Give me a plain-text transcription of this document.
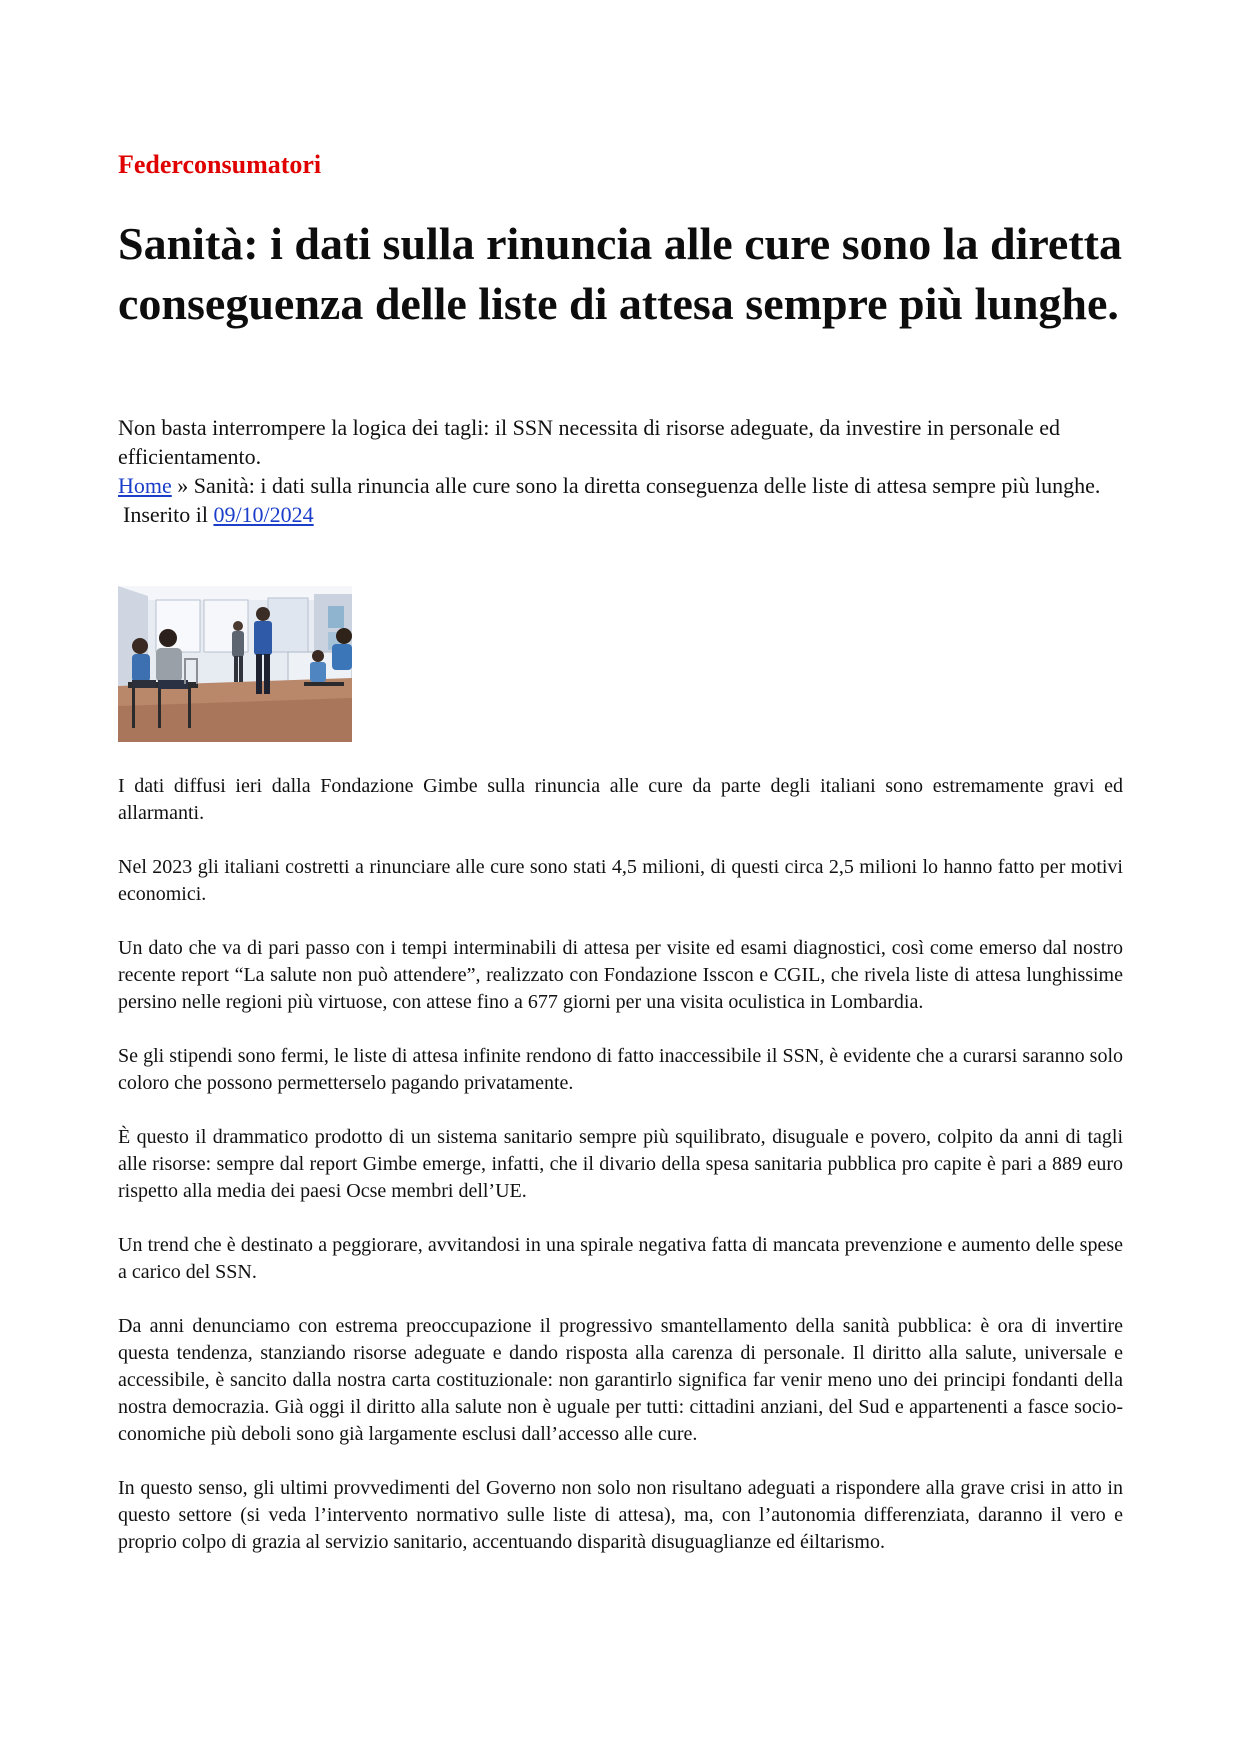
Federconsumatori
Sanità: i dati sulla rinuncia alle cure sono la diretta conseguenza delle liste di attesa sempre più lunghe.

Non basta interrompere la logica dei tagli: il SSN necessita di risorse adeguate, da investire in personale ed efficientamento.

Home » Sanità: i dati sulla rinuncia alle cure sono la diretta conseguenza delle liste di attesa sempre più lunghe.

Inserito il 09/10/2024

I dati diffusi ieri dalla Fondazione Gimbe sulla rinuncia alle cure da parte degli italiani sono estremamente gravi ed allarmanti.

Nel 2023 gli italiani costretti a rinunciare alle cure sono stati 4,5 milioni, di questi circa 2,5 milioni lo hanno fatto per motivi economici.

Un dato che va di pari passo con i tempi interminabili di attesa per visite ed esami diagnostici, così come emerso dal nostro recente report “La salute non può attendere”, realizzato con Fondazione Isscon e CGIL, che rivela liste di attesa lunghissime persino nelle regioni più virtuose, con attese fino a 677 giorni per una visita oculistica in Lombardia.

Se gli stipendi sono fermi, le liste di attesa infinite rendono di fatto inaccessibile il SSN, è evidente che a curarsi saranno solo coloro che possono permetterselo pagando privatamente.

È questo il drammatico prodotto di un sistema sanitario sempre più squilibrato, disuguale e povero, colpito da anni di tagli alle risorse: sempre dal report Gimbe emerge, infatti, che il divario della spesa sanitaria pubblica pro capite è pari a 889 euro rispetto alla media dei paesi Ocse membri dell’UE.

Un trend che è destinato a peggiorare, avvitandosi in una spirale negativa fatta di mancata prevenzione e aumento delle spese a carico del SSN.

Da anni denunciamo con estrema preoccupazione il progressivo smantellamento della sanità pubblica: è ora di invertire questa tendenza, stanziando risorse adeguate e dando risposta alla carenza di personale. Il diritto alla salute, universale e accessibile, è sancito dalla nostra carta costituzionale: non garantirlo significa far venir meno uno dei principi fondanti della nostra democrazia. Già oggi il diritto alla salute non è uguale per tutti: cittadini anziani, del Sud e appartenenti a fasce socio-conomiche più deboli sono già largamente esclusi dall’accesso alle cure.

In questo senso, gli ultimi provvedimenti del Governo non solo non risultano adeguati a rispondere alla grave crisi in atto in questo settore (si veda l’intervento normativo sulle liste di attesa), ma, con l’autonomia differenziata, daranno il vero e proprio colpo di grazia al servizio sanitario, accentuando disparità disuguaglianze ed éiltarismo.
